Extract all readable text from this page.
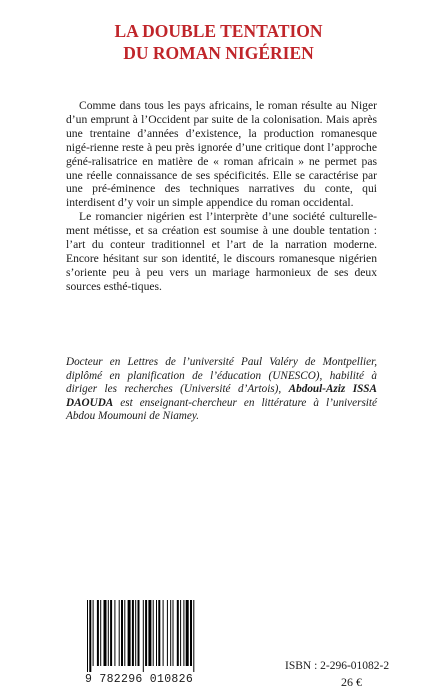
LA DOUBLE TENTATION
DU ROMAN NIGÉRIEN

Comme dans tous les pays africains, le roman résulte au Niger d’un emprunt à l’Occident par suite de la colonisation. Mais après une trentaine d’années d’existence, la production romanesque nigé-rienne reste à peu près ignorée d’une critique dont l’approche géné-ralisatrice en matière de « roman africain » ne permet pas une réelle connaissance de ses spécificités. Elle se caractérise par une pré-éminence des techniques narratives du conte, qui interdisent d’y voir un simple appendice du roman occidental.

Le romancier nigérien est l’interprète d’une société culturelle-ment métisse, et sa création est soumise à une double tentation : l’art du conteur traditionnel et l’art de la narration moderne. Encore hésitant sur son identité, le discours romanesque nigérien s’oriente peu à peu vers un mariage harmonieux de ses deux sources esthé-tiques.

Docteur en Lettres de l’université Paul Valéry de Montpellier, diplômé en planification de l’éducation (UNESCO), habilité à diriger les recherches (Université d’Artois), Abdoul-Aziz ISSA DAOUDA est enseignant-chercheur en littérature à l’université Abdou Moumouni de Niamey.

9 782296 010826
ISBN : 2-296-01082-2
26 €
